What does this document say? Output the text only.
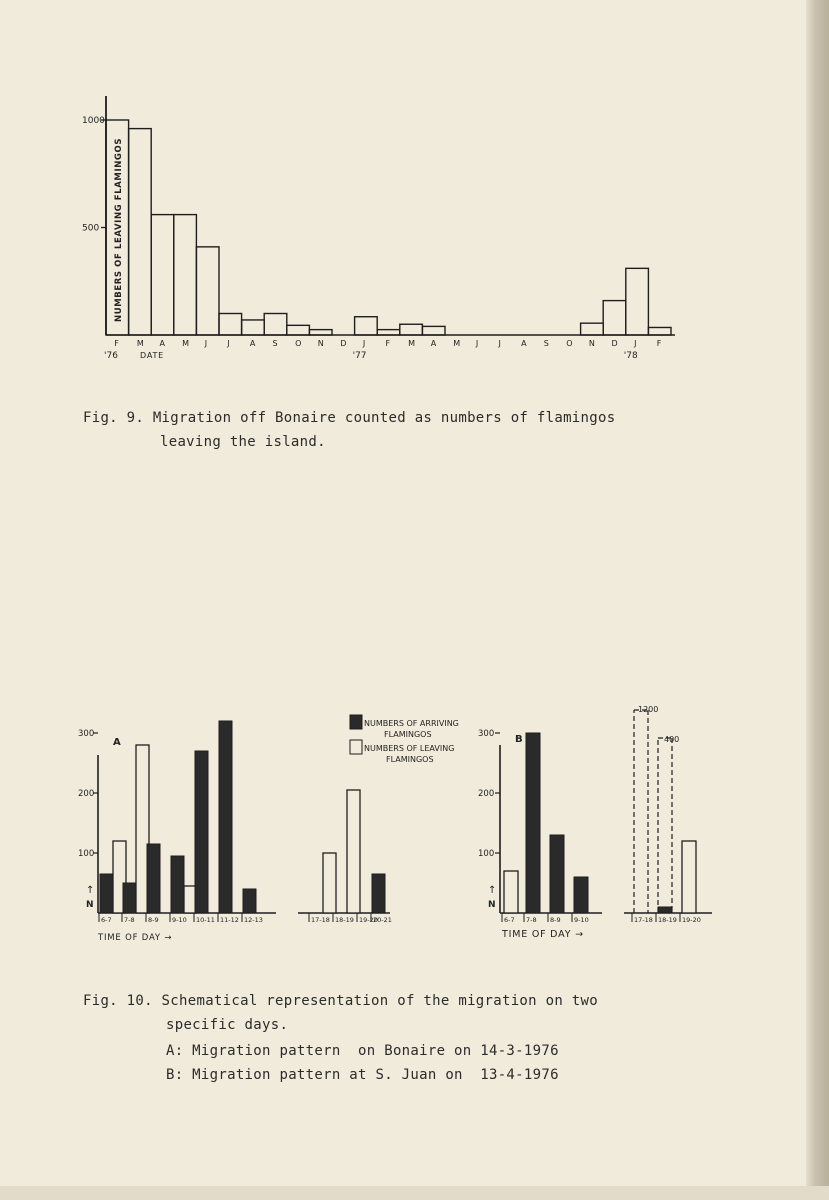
1000
500 NUMBERS OF LEAVING FLAMINGOS
F M A M J	J	A S O N D J	F M A M J	J	A S O N D J	F
'76	'77	'78
DATE
300
200
100
A
↑
N
6-7 7-8 8-9 9-10 10-11 11-12 12-13	17-18 18-19 19-20
20-21
TIME OF DAY →
NUMBERS OF ARRIVING
FLAMINGOS
NUMBERS OF LEAVING
FLAMINGOS
300
200
100
B
↑
N
6-7 7-8 8-9 9-10	17-18 18-19 19-20
1200
400
TIME OF DAY →
Fig. 9. Migration off Bonaire counted as numbers of flamingos
leaving the island.
Fig. 10. Schematical representation of the migration on two
specific days.
A: Migration pattern  on Bonaire on 14-3-1976
B: Migration pattern at S. Juan on  13-4-1976
